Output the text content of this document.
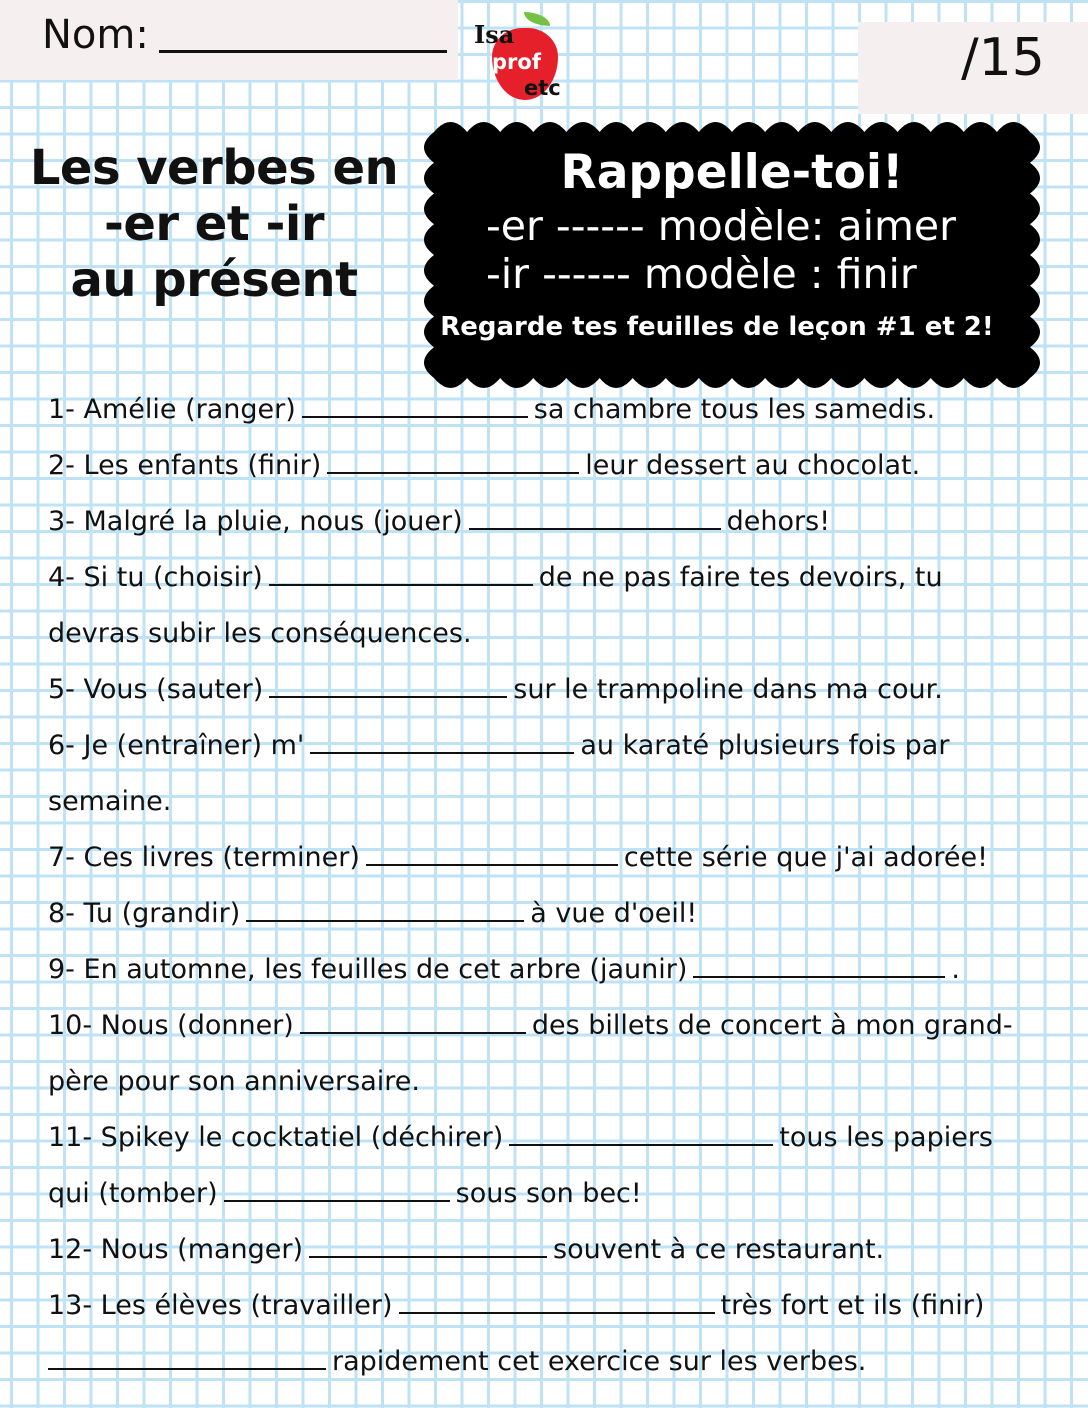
Nom:	Isa
prof
etc	/15
Les verbes en
-er et -ir
au présent
Rappelle-toi!
-er ------ modèle: aimer
-ir ------ modèle : finir
Regarde tes feuilles de leçon #1 et 2!
1- Amélie (ranger)	sa chambre tous les samedis.
2- Les enfants (finir)	leur dessert au chocolat.
3- Malgré la pluie, nous (jouer)	dehors!
4- Si tu (choisir)	de ne pas faire tes devoirs, tu
devras subir les conséquences.
5- Vous (sauter)	sur le trampoline dans ma cour.
6- Je (entraîner) m'	au karaté plusieurs fois par
semaine.
7- Ces livres (terminer)	cette série que j'ai adorée!
8- Tu (grandir)	à vue d'oeil!
9- En automne, les feuilles de cet arbre (jaunir)	.
10- Nous (donner)	des billets de concert à mon grand-
père pour son anniversaire.
11- Spikey le cocktatiel (déchirer)	tous les papiers
qui (tomber)	sous son bec!
12- Nous (manger)	souvent à ce restaurant.
13- Les élèves (travailler)	très fort et ils (finir)
rapidement cet exercice sur les verbes.
